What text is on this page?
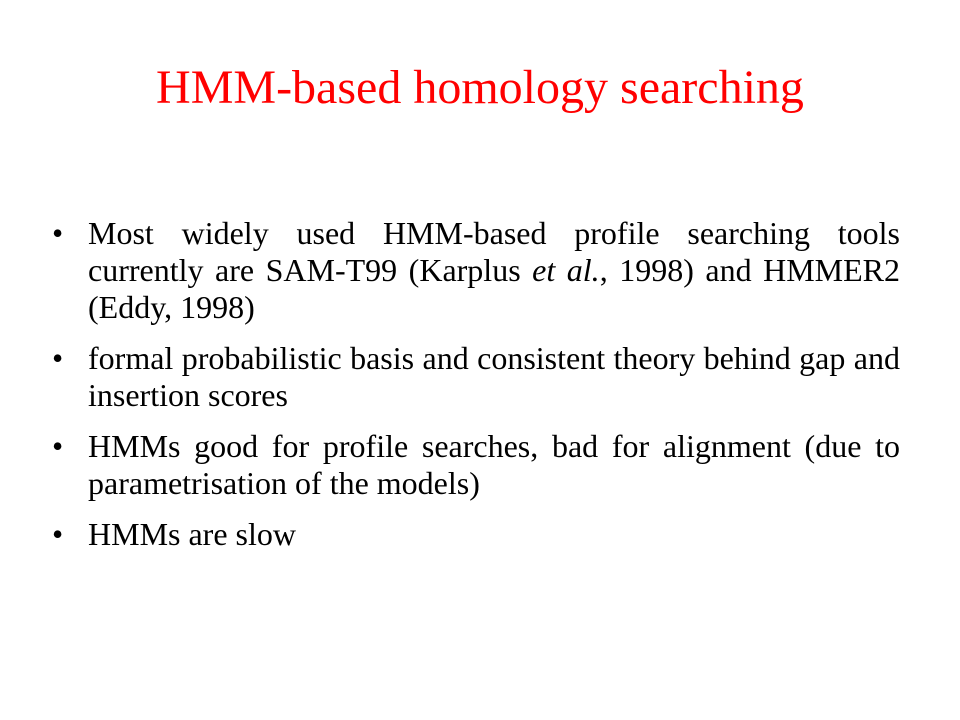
HMM-based homology searching
• Most widely used HMM-based profile searching tools currently are SAM-T99 (Karplus et al., 1998) and HMMER2 (Eddy, 1998)
• formal probabilistic basis and consistent theory behind gap and insertion scores
• HMMs good for profile searches, bad for alignment (due to parametrisation of the models)
• HMMs are slow
